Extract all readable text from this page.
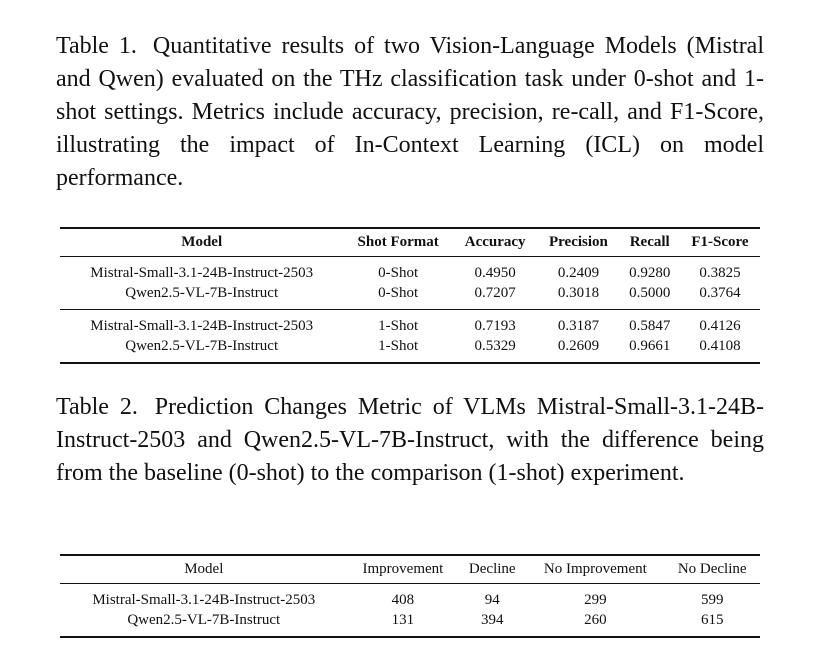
Table 1. Quantitative results of two Vision-Language Models (Mistral and Qwen) evaluated on the THz classification task under 0-shot and 1-shot settings. Metrics include accuracy, precision, re-call, and F1-Score, illustrating the impact of In-Context Learning (ICL) on model performance.
Model	Shot Format	Accuracy	Precision	Recall	F1-Score
Mistral-Small-3.1-24B-Instruct-2503	0-Shot	0.4950	0.2409	0.9280	0.3825
Qwen2.5-VL-7B-Instruct	0-Shot	0.7207	0.3018	0.5000	0.3764
Mistral-Small-3.1-24B-Instruct-2503	1-Shot	0.7193	0.3187	0.5847	0.4126
Qwen2.5-VL-7B-Instruct	1-Shot	0.5329	0.2609	0.9661	0.4108
Table 2. Prediction Changes Metric of VLMs Mistral-Small-3.1-24B-Instruct-2503 and Qwen2.5-VL-7B-Instruct, with the difference being from the baseline (0-shot) to the comparison (1-shot) experiment.
Model	Improvement	Decline	No Improvement	No Decline
Mistral-Small-3.1-24B-Instruct-2503	408	94	299	599
Qwen2.5-VL-7B-Instruct	131	394	260	615
